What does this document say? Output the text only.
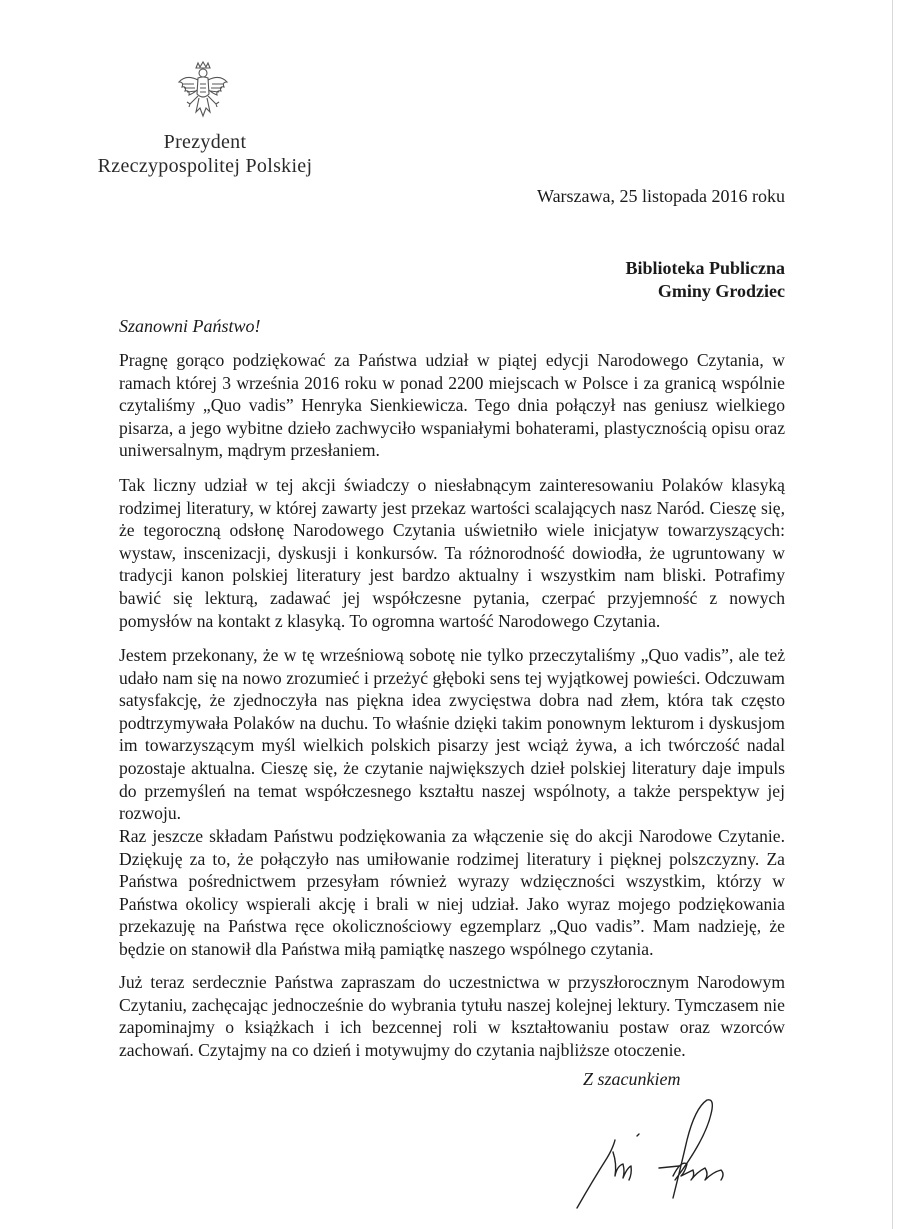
Prezydent
Rzeczypospolitej Polskiej
Warszawa, 25 listopada 2016 roku
Biblioteka Publiczna
Gminy Grodziec
Szanowni Państwo!
Pragnę gorąco podziękować za Państwa udział w piątej edycji Narodowego Czytania, w ramach której 3 września 2016 roku w ponad 2200 miejscach w Polsce i za granicą wspólnie czytaliśmy „Quo vadis” Henryka Sienkiewicza. Tego dnia połączył nas geniusz wielkiego pisarza, a jego wybitne dzieło zachwyciło wspaniałymi bohaterami, plastycznością opisu oraz uniwersalnym, mądrym przesłaniem.
Tak liczny udział w tej akcji świadczy o niesłabnącym zainteresowaniu Polaków klasyką rodzimej literatury, w której zawarty jest przekaz wartości scalających nasz Naród. Cieszę się, że tegoroczną odsłonę Narodowego Czytania uświetniło wiele inicjatyw towarzyszących: wystaw, inscenizacji, dyskusji i konkursów. Ta różnorodność dowiodła, że ugruntowany w tradycji kanon polskiej literatury jest bardzo aktualny i wszystkim nam bliski. Potrafimy bawić się lekturą, zadawać jej współczesne pytania, czerpać przyjemność z nowych pomysłów na kontakt z klasyką. To ogromna wartość Narodowego Czytania.
Jestem przekonany, że w tę wrześniową sobotę nie tylko przeczytaliśmy „Quo vadis”, ale też udało nam się na nowo zrozumieć i przeżyć głęboki sens tej wyjątkowej powieści. Odczuwam satysfakcję, że zjednoczyła nas piękna idea zwycięstwa dobra nad złem, która tak często podtrzymywała Polaków na duchu. To właśnie dzięki takim ponownym lekturom i dyskusjom im towarzyszącym myśl wielkich polskich pisarzy jest wciąż żywa, a ich twórczość nadal pozostaje aktualna. Cieszę się, że czytanie największych dzieł polskiej literatury daje impuls do przemyśleń na temat współczesnego kształtu naszej wspólnoty, a także perspektyw jej rozwoju.
Raz jeszcze składam Państwu podziękowania za włączenie się do akcji Narodowe Czytanie. Dziękuję za to, że połączyło nas umiłowanie rodzimej literatury i pięknej polszczyzny. Za Państwa pośrednictwem przesyłam również wyrazy wdzięczności wszystkim, którzy w Państwa okolicy wspierali akcję i brali w niej udział. Jako wyraz mojego podziękowania przekazuję na Państwa ręce okolicznościowy egzemplarz „Quo vadis”. Mam nadzieję, że będzie on stanowił dla Państwa miłą pamiątkę naszego wspólnego czytania.
Już teraz serdecznie Państwa zapraszam do uczestnictwa w przyszłorocznym Narodowym Czytaniu, zachęcając jednocześnie do wybrania tytułu naszej kolejnej lektury. Tymczasem nie zapominajmy o książkach i ich bezcennej roli w kształtowaniu postaw oraz wzorców zachowań. Czytajmy na co dzień i motywujmy do czytania najbliższe otoczenie.
Z szacunkiem
